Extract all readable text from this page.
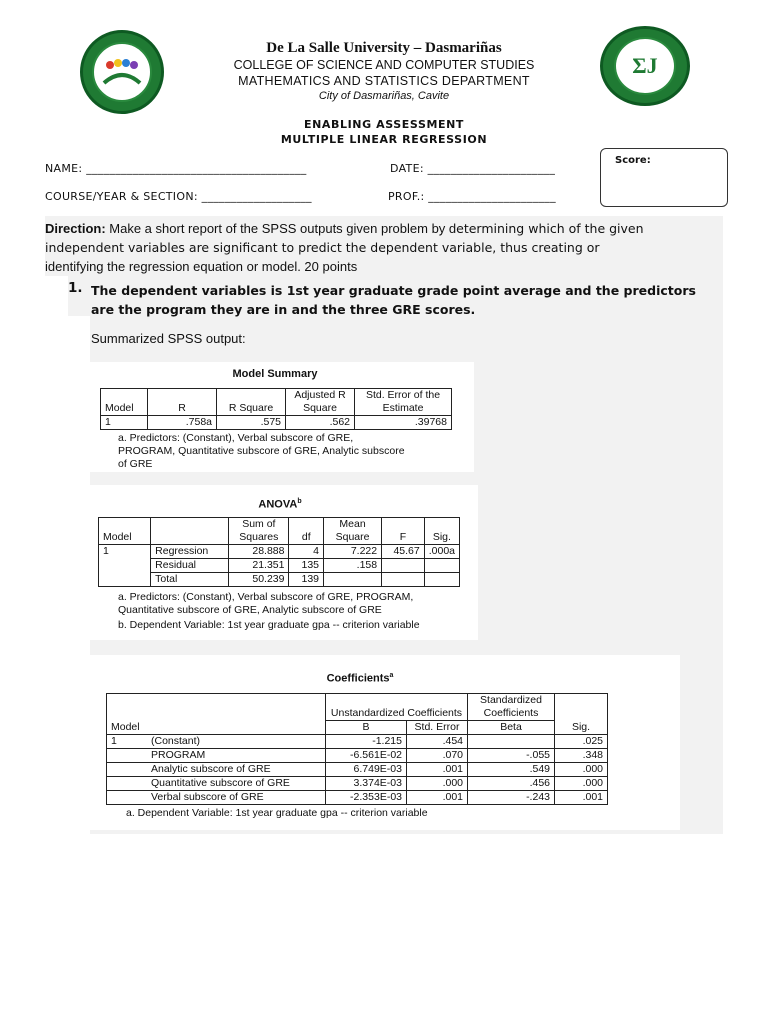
ΣJ
De La Salle University – Dasmariñas
COLLEGE OF SCIENCE AND COMPUTER STUDIES
MATHEMATICS AND STATISTICS DEPARTMENT
City of Dasmariñas, Cavite
ENABLING ASSESSMENT
MULTIPLE LINEAR REGRESSION
NAME: ______________________________________	DATE: ______________________
COURSE/YEAR & SECTION: ___________________	PROF.: ______________________
Score:
Direction: Make a short report of the SPSS outputs given problem by determining which of the given independent variables are significant to predict the dependent variable, thus creating or
identifying the regression equation or model. 20 points
1. The dependent variables is 1st year graduate grade point average and the predictors are the program they are in and the three GRE scores.
Summarized SPSS output:
Model Summary
Model	R	R Square	Adjusted R Square	Std. Error of the Estimate
1	.758a	.575	.562	.39768
a. Predictors: (Constant), Verbal subscore of GRE, PROGRAM, Quantitative subscore of GRE, Analytic subscore of GRE
ANOVA$^b$
Model		Sum of Squares	df	Mean Square	F	Sig.
1	Regression	28.888	4	7.222	45.67	.000a
	Residual	21.351	135	.158		
	Total	50.239	139			
a. Predictors: (Constant), Verbal subscore of GRE, PROGRAM, Quantitative subscore of GRE, Analytic subscore of GRE
b. Dependent Variable: 1st year graduate gpa -- criterion variable
Coefficients$^a$
	Unstandardized Coefficients		Standardized Coefficients	
Model	B	Std. Error	Beta	Sig.
1 (Constant)	-1.215	.454		.025
PROGRAM	-6.561E-02	.070	-.055	.348
Analytic subscore of GRE	6.749E-03	.001	.549	.000
Quantitative subscore of GRE	3.374E-03	.000	.456	.000
Verbal subscore of GRE	-2.353E-03	.001	-.243	.001
a. Dependent Variable: 1st year graduate gpa -- criterion variable
